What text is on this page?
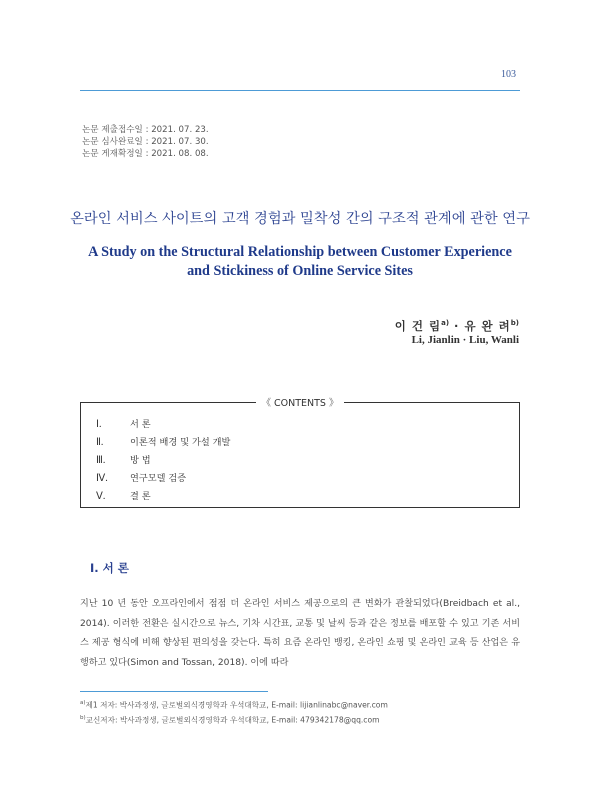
103
논문 제출접수일 : 2021. 07. 23.
논문 심사완료일 : 2021. 07. 30.
논문 게재확정일 : 2021. 08. 08.
온라인 서비스 사이트의 고객 경험과 밀착성 간의 구조적 관계에 관한 연구
A Study on the Structural Relationship between Customer Experience
and Stickiness of Online Service Sites
이 건 림$^{a)}$ · 유 완 려$^{b)}$
Li, Jianlin · Liu, Wanli
《 CONTENTS 》
Ⅰ.	서 론
Ⅱ.	이론적 배경 및 가설 개발
Ⅲ.	방 법
Ⅳ. 연구모델 검증
Ⅴ.	결 론
Ⅰ. 서 론
지난 10 년 동안 오프라인에서 점점 더 온라인 서비스 제공으로의 큰 변화가 관찰되었다(Breidbach et al., 2014). 이러한 전환은 실시간으로 뉴스, 기차 시간표, 교통 및 날씨 등과 같은 정보를 배포할 수 있고 기존 서비스 제공 형식에 비해 향상된 편의성을 갖는다. 특히 요즘 온라인 뱅킹, 온라인 쇼핑 및 온라인 교육 등 산업은 유행하고 있다(Simon and Tossan, 2018). 이에 따라
$^{a)}$제1 저자: 박사과정생, 글로벌외식경영학과 우석대학교, E-mail: lijianlinabc@naver.com
$^{b)}$교신저자: 박사과정생, 글로벌외식경영학과 우석대학교, E-mail: 479342178@qq.com
